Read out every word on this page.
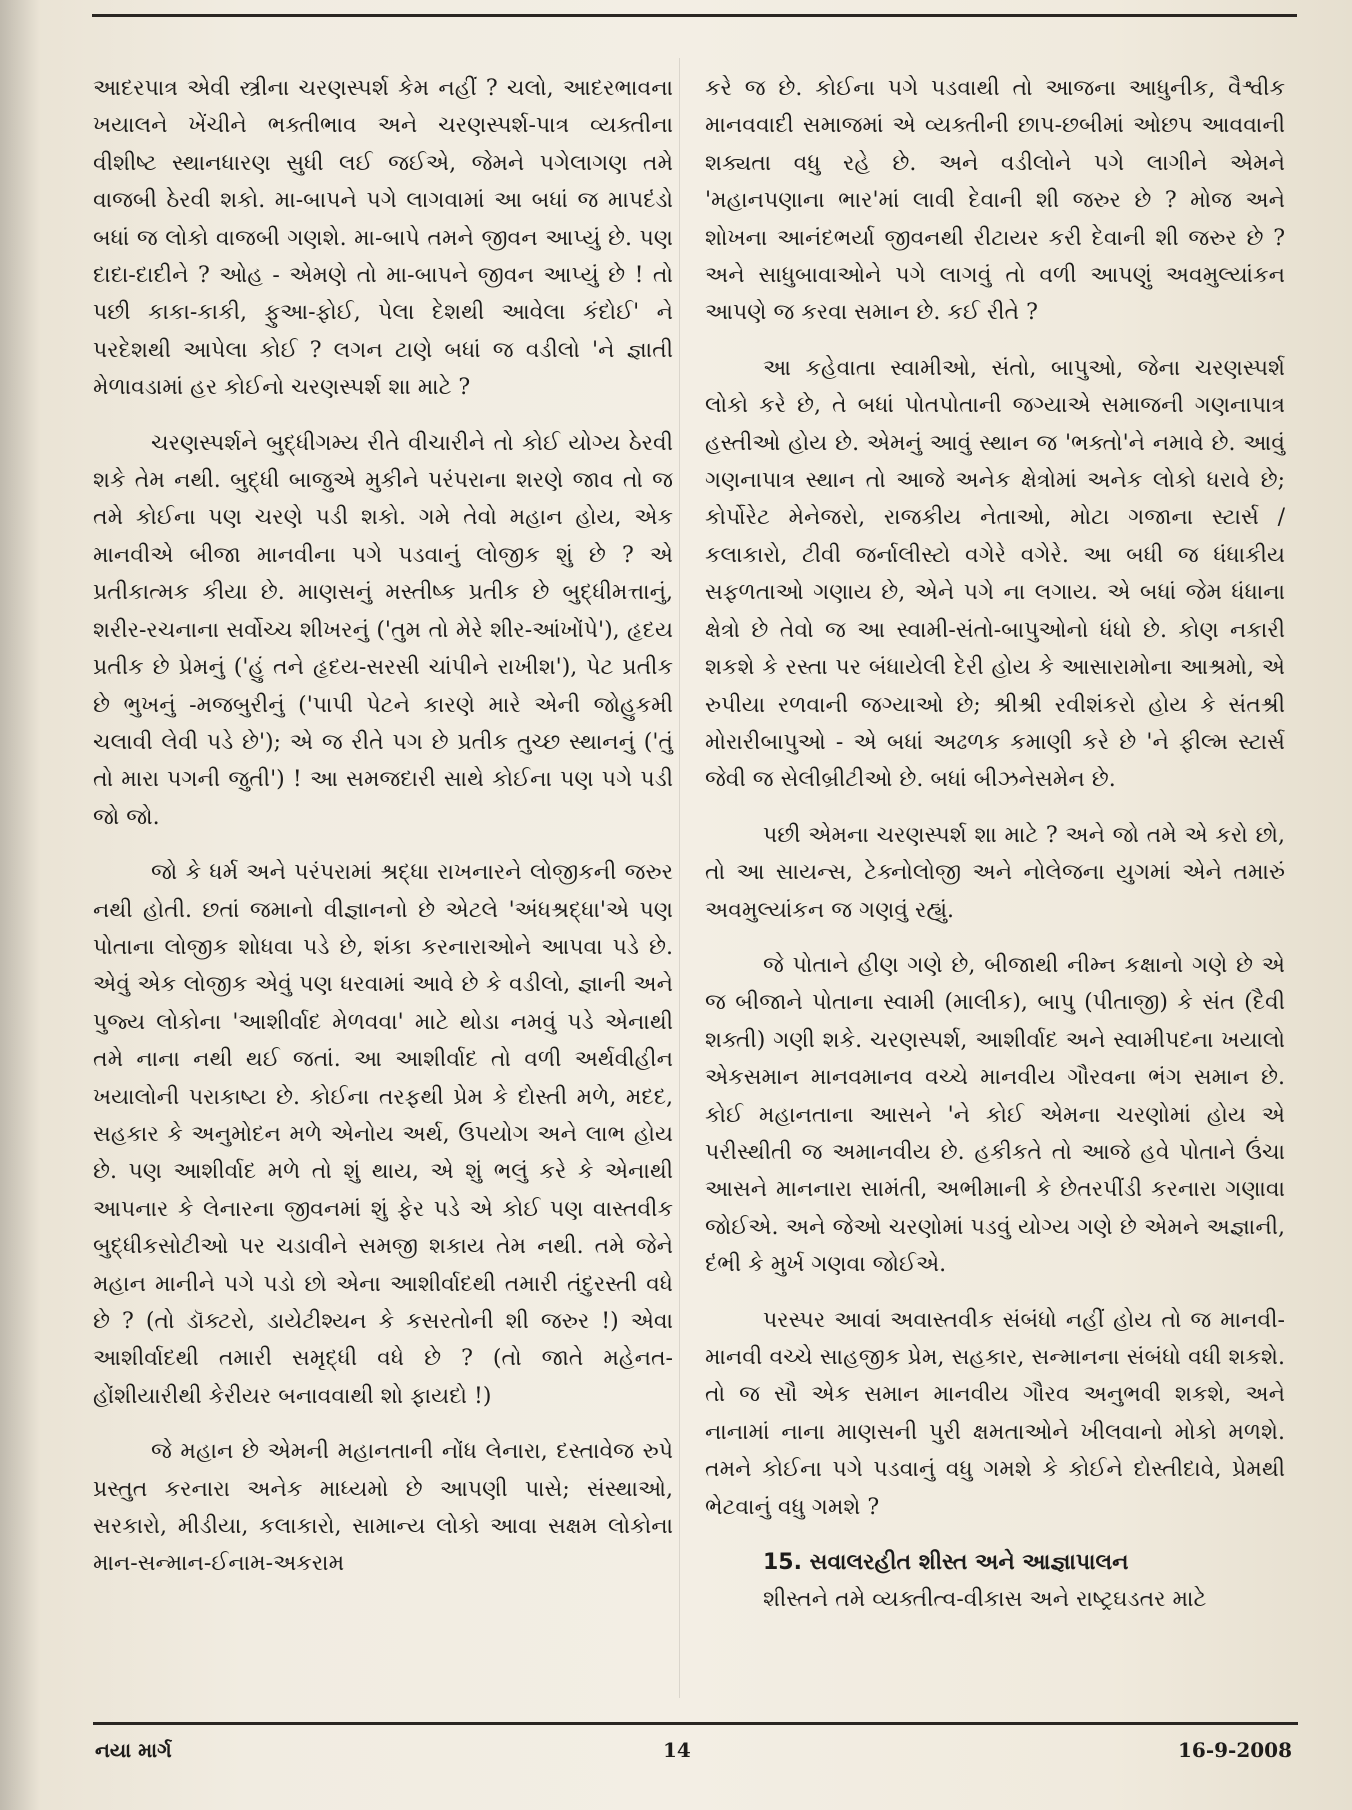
આદરપાત્ર એવી સ્ત્રીના ચરણસ્પર્શ કેમ નહીં ? ચલો, આદરભાવના ખયાલને ખેંચીને ભક્તીભાવ અને ચરણસ્પર્શ-પાત્ર વ્યક્તીના વીશીષ્ટ સ્થાનધારણ સુધી લઈ જઈએ, જેમને પગેલાગણ તમે વાજબી ઠેરવી શકો. મા-બાપને પગે લાગવામાં આ બધાં જ માપદંડો બધાં જ લોકો વાજબી ગણશે. મા-બાપે તમને જીવન આપ્યું છે. પણ દાદા-દાદીને ? ઓહ - એમણે તો મા-બાપને જીવન આપ્યું છે ! તો પછી કાકા-કાકી, ફુઆ-ફોઈ, પેલા દેશથી આવેલા કંદોઈ' ને પરદેશથી આપેલા કોઈ ? લગન ટાણે બધાં જ વડીલો 'ને જ્ઞાતી મેળાવડામાં હર કોઈનો ચરણસ્પર્શ શા માટે ?

ચરણસ્પર્શને બુદ્ધીગમ્ય રીતે વીચારીને તો કોઈ યોગ્ય ઠેરવી શકે તેમ નથી. બુદ્ધી બાજુએ મુકીને પરંપરાના શરણે જાવ તો જ તમે કોઈના પણ ચરણે પડી શકો. ગમે તેવો મહાન હોય, એક માનવીએ બીજા માનવીના પગે પડવાનું લોજીક શું છે ? એ પ્રતીકાત્મક કીયા છે. માણસનું મસ્તીષ્ક પ્રતીક છે બુદ્ધીમત્તાનું, શરીર-રચનાના સર્વોચ્ચ શીખરનું ('તુમ તો મેરે શીર-આંખોંપે'), હૃદય પ્રતીક છે પ્રેમનું ('હું તને હૃદય-સરસી ચાંપીને રાખીશ'), પેટ પ્રતીક છે ભુખનું -મજબુરીનું ('પાપી પેટને કારણે મારે એની જોહુકમી ચલાવી લેવી પડે છે'); એ જ રીતે પગ છે પ્રતીક તુચ્છ સ્થાનનું ('તું તો મારા પગની જુતી') ! આ સમજદારી સાથે કોઈના પણ પગે પડી જો જો.

જો કે ધર્મ અને પરંપરામાં શ્રદ્ધા રાખનારને લોજીકની જરુર નથી હોતી. છતાં જમાનો વીજ્ઞાનનો છે એટલે 'અંધશ્રદ્ધા'એ પણ પોતાના લોજીક શોધવા પડે છે, શંકા કરનારાઓને આપવા પડે છે. એવું એક લોજીક એવું પણ ધરવામાં આવે છે કે વડીલો, જ્ઞાની અને પુજ્ય લોકોના 'આશીર્વાદ મેળવવા' માટે થોડા નમવું પડે એનાથી તમે નાના નથી થઈ જતાં. આ આશીર્વાદ તો વળી અર્થવીહીન ખયાલોની પરાકાષ્ટા છે. કોઈના તરફથી પ્રેમ કે દોસ્તી મળે, મદદ, સહકાર કે અનુમોદન મળે એનોય અર્થ, ઉપયોગ અને લાભ હોય છે. પણ આશીર્વાદ મળે તો શું થાય, એ શું ભલું કરે કે એનાથી આપનાર કે લેનારના જીવનમાં શું ફેર પડે એ કોઈ પણ વાસ્તવીક બુદ્ધીકસોટીઓ પર ચડાવીને સમજી શકાય તેમ નથી. તમે જેને મહાન માનીને પગે પડો છો એના આશીર્વાદથી તમારી તંદુરસ્તી વધે છે ? (તો ડૉક્ટરો, ડાયેટીશ્યન કે કસરતોની શી જરુર !) એવા આશીર્વાદથી તમારી સમૃદ્ધી વધે છે ? (તો જાતે મહેનત-હોંશીયારીથી કેરીયર બનાવવાથી શો ફાયદો !)

જે મહાન છે એમની મહાનતાની નોંધ લેનારા, દસ્તાવેજ રુપે પ્રસ્તુત કરનારા અનેક માધ્યમો છે આપણી પાસે; સંસ્થાઓ, સરકારો, મીડીયા, કલાકારો, સામાન્ય લોકો આવા સક્ષમ લોકોના માન-સન્માન-ઈનામ-અકરામ

કરે જ છે. કોઈના પગે પડવાથી તો આજના આધુનીક, વૈશ્વીક માનવવાદી સમાજમાં એ વ્યક્તીની છાપ-છબીમાં ઓછપ આવવાની શક્યતા વધુ રહે છે. અને વડીલોને પગે લાગીને એમને 'મહાનપણાના ભાર'માં લાવી દેવાની શી જરુર છે ? મોજ અને શોખના આનંદભર્યા જીવનથી રીટાયર કરી દેવાની શી જરુર છે ? અને સાધુબાવાઓને પગે લાગવું તો વળી આપણું અવમુલ્યાંકન આપણે જ કરવા સમાન છે. કઈ રીતે ?

આ કહેવાતા સ્વામીઓ, સંતો, બાપુઓ, જેના ચરણસ્પર્શ લોકો કરે છે, તે બધાં પોતપોતાની જગ્યાએ સમાજની ગણનાપાત્ર હસ્તીઓ હોય છે. એમનું આવું સ્થાન જ 'ભક્તો'ને નમાવે છે. આવું ગણનાપાત્ર સ્થાન તો આજે અનેક ક્ષેત્રોમાં અનેક લોકો ધરાવે છે; કોર્પોરેટ મેનેજરો, રાજકીય નેતાઓ, મોટા ગજાના સ્ટાર્સ / કલાકારો, ટીવી જર્નાલીસ્ટો વગેરે વગેરે. આ બધી જ ધંધાકીય સફળતાઓ ગણાય છે, એને પગે ના લગાય. એ બધાં જેમ ધંધાના ક્ષેત્રો છે તેવો જ આ સ્વામી-સંતો-બાપુઓનો ધંધો છે. કોણ નકારી શકશે કે રસ્તા પર બંધાયેલી દેરી હોય કે આસારામોના આશ્રમો, એ રુપીયા રળવાની જગ્યાઓ છે; શ્રીશ્રી રવીશંકરો હોય કે સંતશ્રી મોરારીબાપુઓ - એ બધાં અઢળક કમાણી કરે છે 'ને ફીલ્મ સ્ટાર્સ જેવી જ સેલીબ્રીટીઓ છે. બધાં બીઝનેસમેન છે.

પછી એમના ચરણસ્પર્શ શા માટે ? અને જો તમે એ કરો છો, તો આ સાયન્સ, ટેક્નોલોજી અને નોલેજના યુગમાં એને તમારું અવમુલ્યાંકન જ ગણવું રહ્યું.

જે પોતાને હીણ ગણે છે, બીજાથી નીમ્ન કક્ષાનો ગણે છે એ જ બીજાને પોતાના સ્વામી (માલીક), બાપુ (પીતાજી) કે સંત (દૈવી શક્તી) ગણી શકે. ચરણસ્પર્શ, આશીર્વાદ અને સ્વામીપદના ખયાલો એકસમાન માનવમાનવ વચ્ચે માનવીય ગૌરવના ભંગ સમાન છે. કોઈ મહાનતાના આસને 'ને કોઈ એમના ચરણોમાં હોય એ પરીસ્થીતી જ અમાનવીય છે. હકીકતે તો આજે હવે પોતાને ઉંચા આસને માનનારા સામંતી, અભીમાની કે છેતરપીંડી કરનારા ગણાવા જોઈએ. અને જેઓ ચરણોમાં પડવું યોગ્ય ગણે છે એમને અજ્ઞાની, દંભી કે મુર્ખ ગણવા જોઈએ.

પરસ્પર આવાં અવાસ્તવીક સંબંધો નહીં હોય તો જ માનવી-માનવી વચ્ચે સાહજીક પ્રેમ, સહકાર, સન્માનના સંબંધો વધી શકશે. તો જ સૌ એક સમાન માનવીય ગૌરવ અનુભવી શકશે, અને નાનામાં નાના માણસની પુરી ક્ષમતાઓને ખીલવાનો મોકો મળશે. તમને કોઈના પગે પડવાનું વધુ ગમશે કે કોઈને દોસ્તીદાવે, પ્રેમથી ભેટવાનું વધુ ગમશે ?

15. સવાલરહીત શીસ્ત અને આજ્ઞાપાલન

શીસ્તને તમે વ્યક્તીત્વ-વીકાસ અને રાષ્ટ્રઘડતર માટે

નયા માર્ગ	14	16-9-2008
